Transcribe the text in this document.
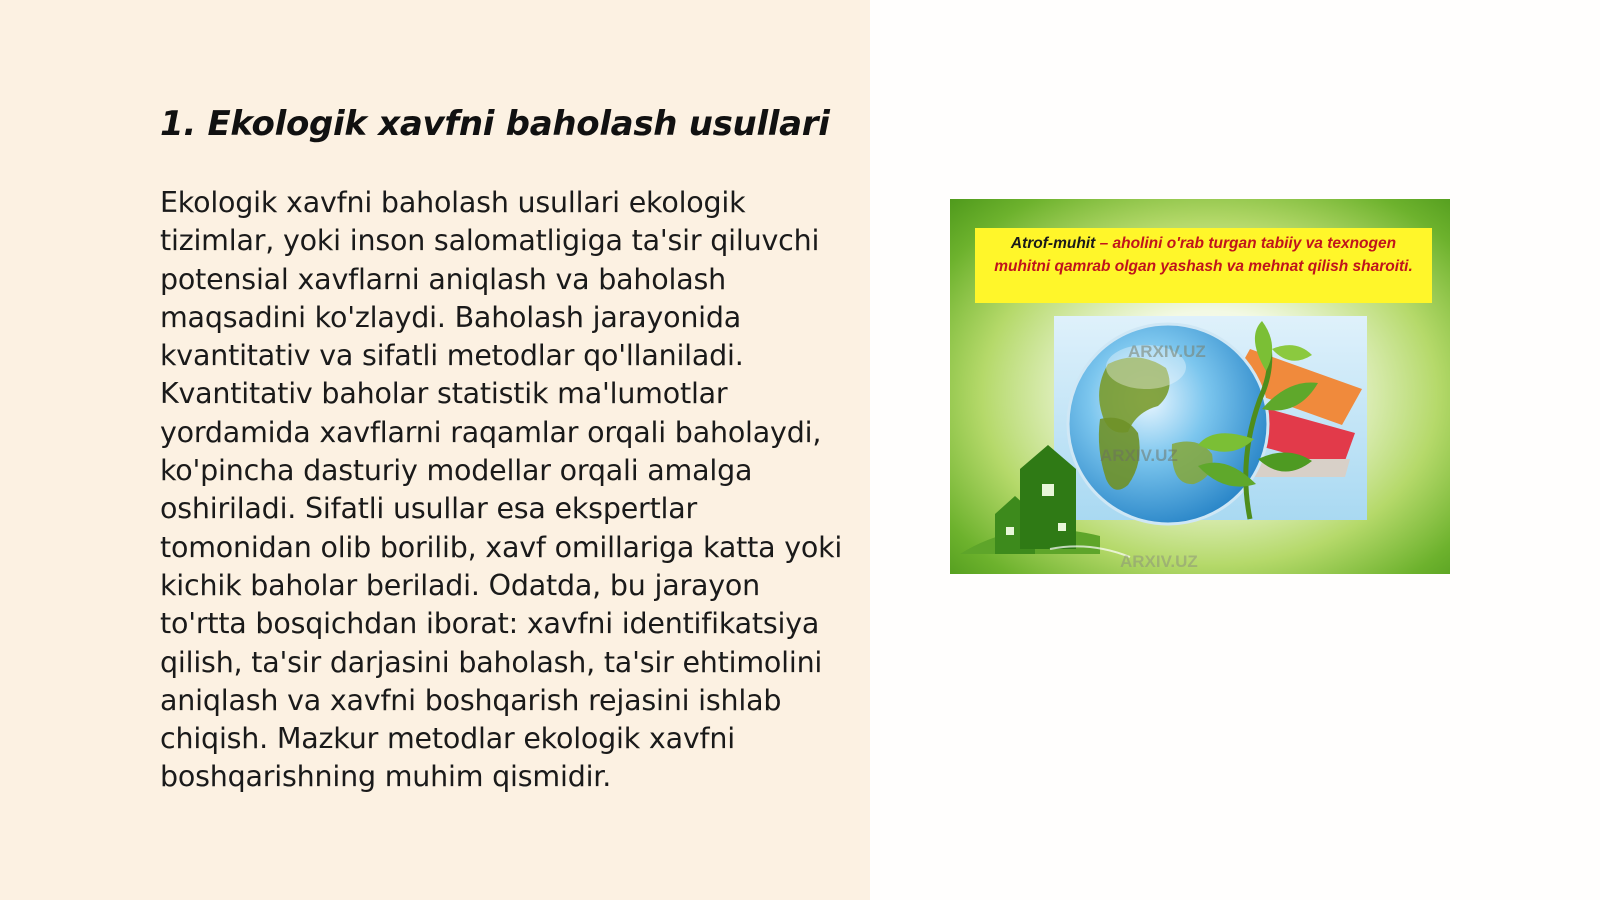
1. Ekologik xavfni baholash usullari

Ekologik xavfni baholash usullari ekologik tizimlar, yoki inson salomatligiga ta'sir qiluvchi potensial xavflarni aniqlash va baholash maqsadini ko'zlaydi. Baholash jarayonida kvantitativ va sifatli metodlar qo'llaniladi. Kvantitativ baholar statistik ma'lumotlar yordamida xavflarni raqamlar orqali baholaydi, ko'pincha dasturiy modellar orqali amalga oshiriladi. Sifatli usullar esa ekspertlar tomonidan olib borilib, xavf omillariga katta yoki kichik baholar beriladi. Odatda, bu jarayon to'rtta bosqichdan iborat: xavfni identifikatsiya qilish, ta'sir darjasini baholash, ta'sir ehtimolini aniqlash va xavfni boshqarish rejasini ishlab chiqish. Mazkur metodlar ekologik xavfni boshqarishning muhim qismidir.

Atrof-muhit – aholini o'rab turgan tabiiy va texnogen muhitni qamrab olgan yashash va mehnat qilish sharoiti.
ARXIV.UZ
ARXIV.UZ
ARXIV.UZ
